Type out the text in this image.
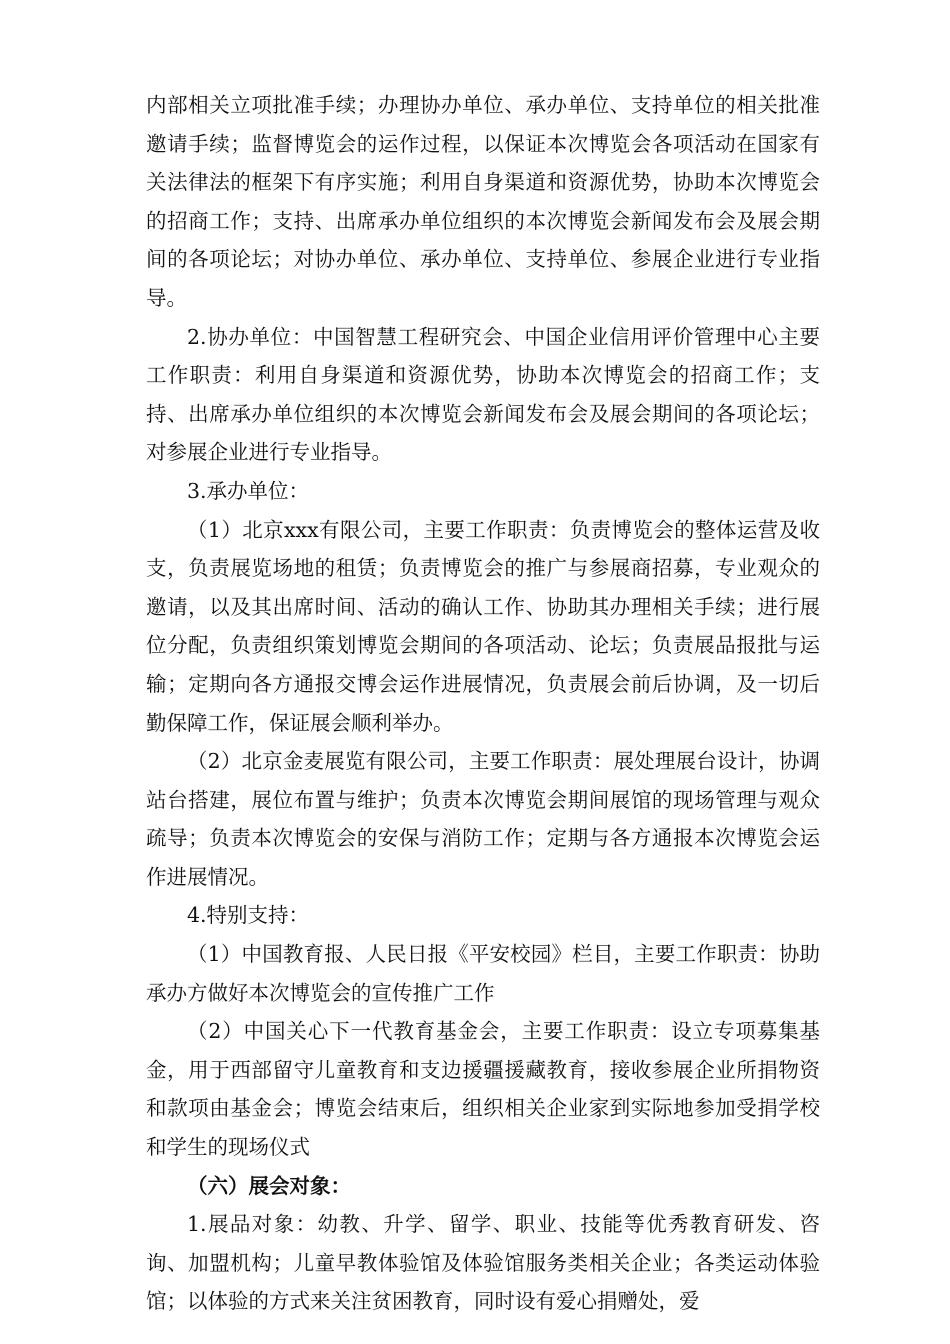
内部相关立项批准手续；办理协办单位、承办单位、支持单位的相关批准邀请手续；监督博览会的运作过程，以保证本次博览会各项活动在国家有关法律法的框架下有序实施；利用自身渠道和资源优势，协助本次博览会的招商工作；支持、出席承办单位组织的本次博览会新闻发布会及展会期间的各项论坛；对协办单位、承办单位、支持单位、参展企业进行专业指导。

2.协办单位：中国智慧工程研究会、中国企业信用评价管理中心主要工作职责：利用自身渠道和资源优势，协助本次博览会的招商工作；支持、出席承办单位组织的本次博览会新闻发布会及展会期间的各项论坛；对参展企业进行专业指导。

3.承办单位：

（1）北京xxx有限公司，主要工作职责：负责博览会的整体运营及收支，负责展览场地的租赁；负责博览会的推广与参展商招募，专业观众的邀请，以及其出席时间、活动的确认工作、协助其办理相关手续；进行展位分配，负责组织策划博览会期间的各项活动、论坛；负责展品报批与运输；定期向各方通报交博会运作进展情况，负责展会前后协调，及一切后勤保障工作，保证展会顺利举办。

（2）北京金麦展览有限公司，主要工作职责：展处理展台设计，协调站台搭建，展位布置与维护；负责本次博览会期间展馆的现场管理与观众疏导；负责本次博览会的安保与消防工作；定期与各方通报本次博览会运作进展情况。

4.特别支持：

（1）中国教育报、人民日报《平安校园》栏目，主要工作职责：协助承办方做好本次博览会的宣传推广工作

（2）中国关心下一代教育基金会，主要工作职责：设立专项募集基金，用于西部留守儿童教育和支边援疆援藏教育，接收参展企业所捐物资和款项由基金会；博览会结束后，组织相关企业家到实际地参加受捐学校和学生的现场仪式

（六）展会对象：

1.展品对象：幼教、升学、留学、职业、技能等优秀教育研发、咨询、加盟机构；儿童早教体验馆及体验馆服务类相关企业；各类运动体验馆；以体验的方式来关注贫困教育，同时设有爱心捐赠处，爱
